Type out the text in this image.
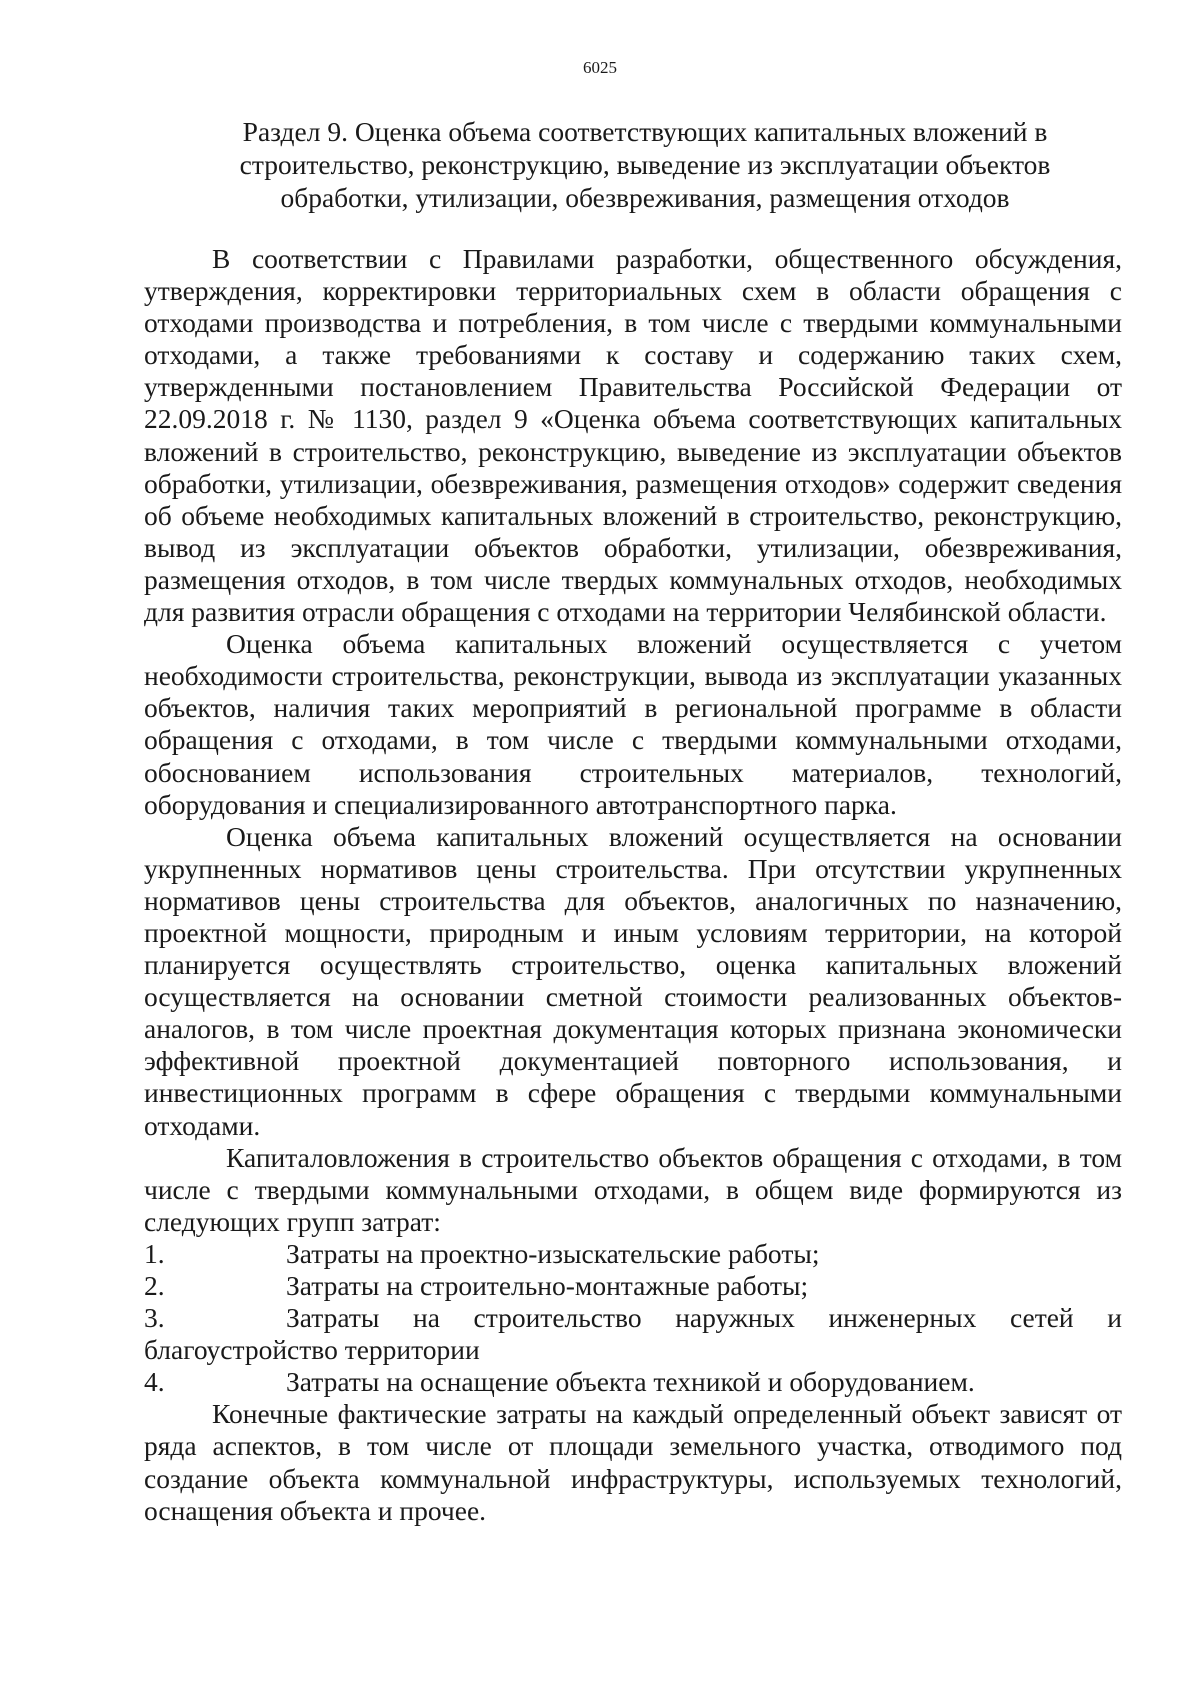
6025
Раздел 9. Оценка объема соответствующих капитальных вложений в
строительство, реконструкцию, выведение из эксплуатации объектов
обработки, утилизации, обезвреживания, размещения отходов

В соответствии с Правилами разработки, общественного обсуждения, утверждения, корректировки территориальных схем в области обращения с отходами производства и потребления, в том числе с твердыми коммунальными отходами, а также требованиями к составу и содержанию таких схем, утвержденными постановлением Правительства Российской Федерации от 22.09.2018 г. № 1130, раздел 9 «Оценка объема соответствующих капитальных вложений в строительство, реконструкцию, выведение из эксплуатации объектов обработки, утилизации, обезвреживания, размещения отходов» содержит сведения об объеме необходимых капитальных вложений в строительство, реконструкцию, вывод из эксплуатации объектов обработки, утилизации, обезвреживания, размещения отходов, в том числе твердых коммунальных отходов, необходимых для развития отрасли обращения с отходами на территории Челябинской области.

Оценка объема капитальных вложений осуществляется с учетом необходимости строительства, реконструкции, вывода из эксплуатации указанных объектов, наличия таких мероприятий в региональной программе в области обращения с отходами, в том числе с твердыми коммунальными отходами, обоснованием использования строительных материалов, технологий, оборудования и специализированного автотранспортного парка.

Оценка объема капитальных вложений осуществляется на основании укрупненных нормативов цены строительства. При отсутствии укрупненных нормативов цены строительства для объектов, аналогичных по назначению, проектной мощности, природным и иным условиям территории, на которой планируется осуществлять строительство, оценка капитальных вложений осуществляется на основании сметной стоимости реализованных объектов-аналогов, в том числе проектная документация которых признана экономически эффективной проектной документацией повторного использования, и инвестиционных программ в сфере обращения с твердыми коммунальными отходами.

Капиталовложения в строительство объектов обращения с отходами, в том числе с твердыми коммунальными отходами, в общем виде формируются из следующих групп затрат:

1.	Затраты на проектно-изыскательские работы;
2.	Затраты на строительно-монтажные работы;
3.	Затраты на строительство наружных инженерных сетей и благоустройство территории
4.	Затраты на оснащение объекта техникой и оборудованием.

Конечные фактические затраты на каждый определенный объект зависят от ряда аспектов, в том числе от площади земельного участка, отводимого под создание объекта коммунальной инфраструктуры, используемых технологий, оснащения объекта и прочее.
